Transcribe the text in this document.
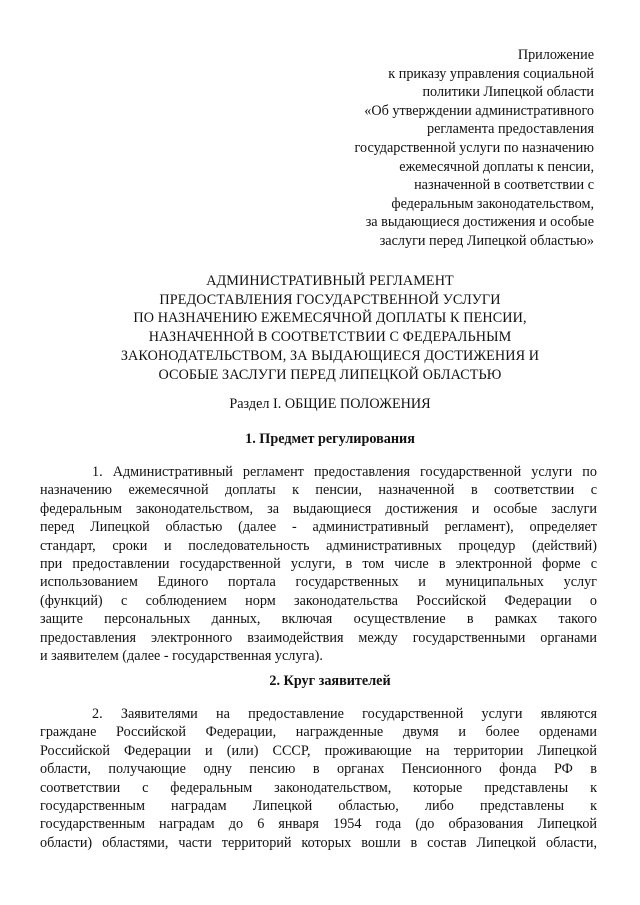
Приложение
к приказу управления социальной
политики Липецкой области
«Об утверждении административного
регламента предоставления
государственной услуги по назначению
ежемесячной доплаты к пенсии,
назначенной в соответствии с
федеральным законодательством,
за выдающиеся достижения и особые
заслуги перед Липецкой областью»
АДМИНИСТРАТИВНЫЙ РЕГЛАМЕНТ
ПРЕДОСТАВЛЕНИЯ ГОСУДАРСТВЕННОЙ УСЛУГИ
ПО НАЗНАЧЕНИЮ ЕЖЕМЕСЯЧНОЙ ДОПЛАТЫ К ПЕНСИИ,
НАЗНАЧЕННОЙ В СООТВЕТСТВИИ С ФЕДЕРАЛЬНЫМ
ЗАКОНОДАТЕЛЬСТВОМ, ЗА ВЫДАЮЩИЕСЯ ДОСТИЖЕНИЯ И
ОСОБЫЕ ЗАСЛУГИ ПЕРЕД ЛИПЕЦКОЙ ОБЛАСТЬЮ
Раздел I. ОБЩИЕ ПОЛОЖЕНИЯ
1. Предмет регулирования
1. Административный регламент предоставления государственной услуги по
назначению ежемесячной доплаты к пенсии, назначенной в соответствии с
федеральным законодательством, за выдающиеся достижения и особые заслуги
перед Липецкой областью (далее - административный регламент), определяет
стандарт, сроки и последовательность административных процедур (действий)
при предоставлении государственной услуги, в том числе в электронной форме с
использованием Единого портала государственных и муниципальных услуг
(функций) с соблюдением норм законодательства Российской Федерации о
защите персональных данных, включая осуществление в рамках такого
предоставления электронного взаимодействия между государственными органами
и заявителем (далее - государственная услуга).
2. Круг заявителей
2. Заявителями на предоставление государственной услуги являются
граждане Российской Федерации, награжденные двумя и более орденами
Российской Федерации и (или) СССР, проживающие на территории Липецкой
области, получающие одну пенсию в органах Пенсионного фонда РФ в
соответствии с федеральным законодательством, которые представлены к
государственным наградам Липецкой областью, либо представлены к
государственным наградам до 6 января 1954 года (до образования Липецкой
области) областями, части территорий которых вошли в состав Липецкой области,
